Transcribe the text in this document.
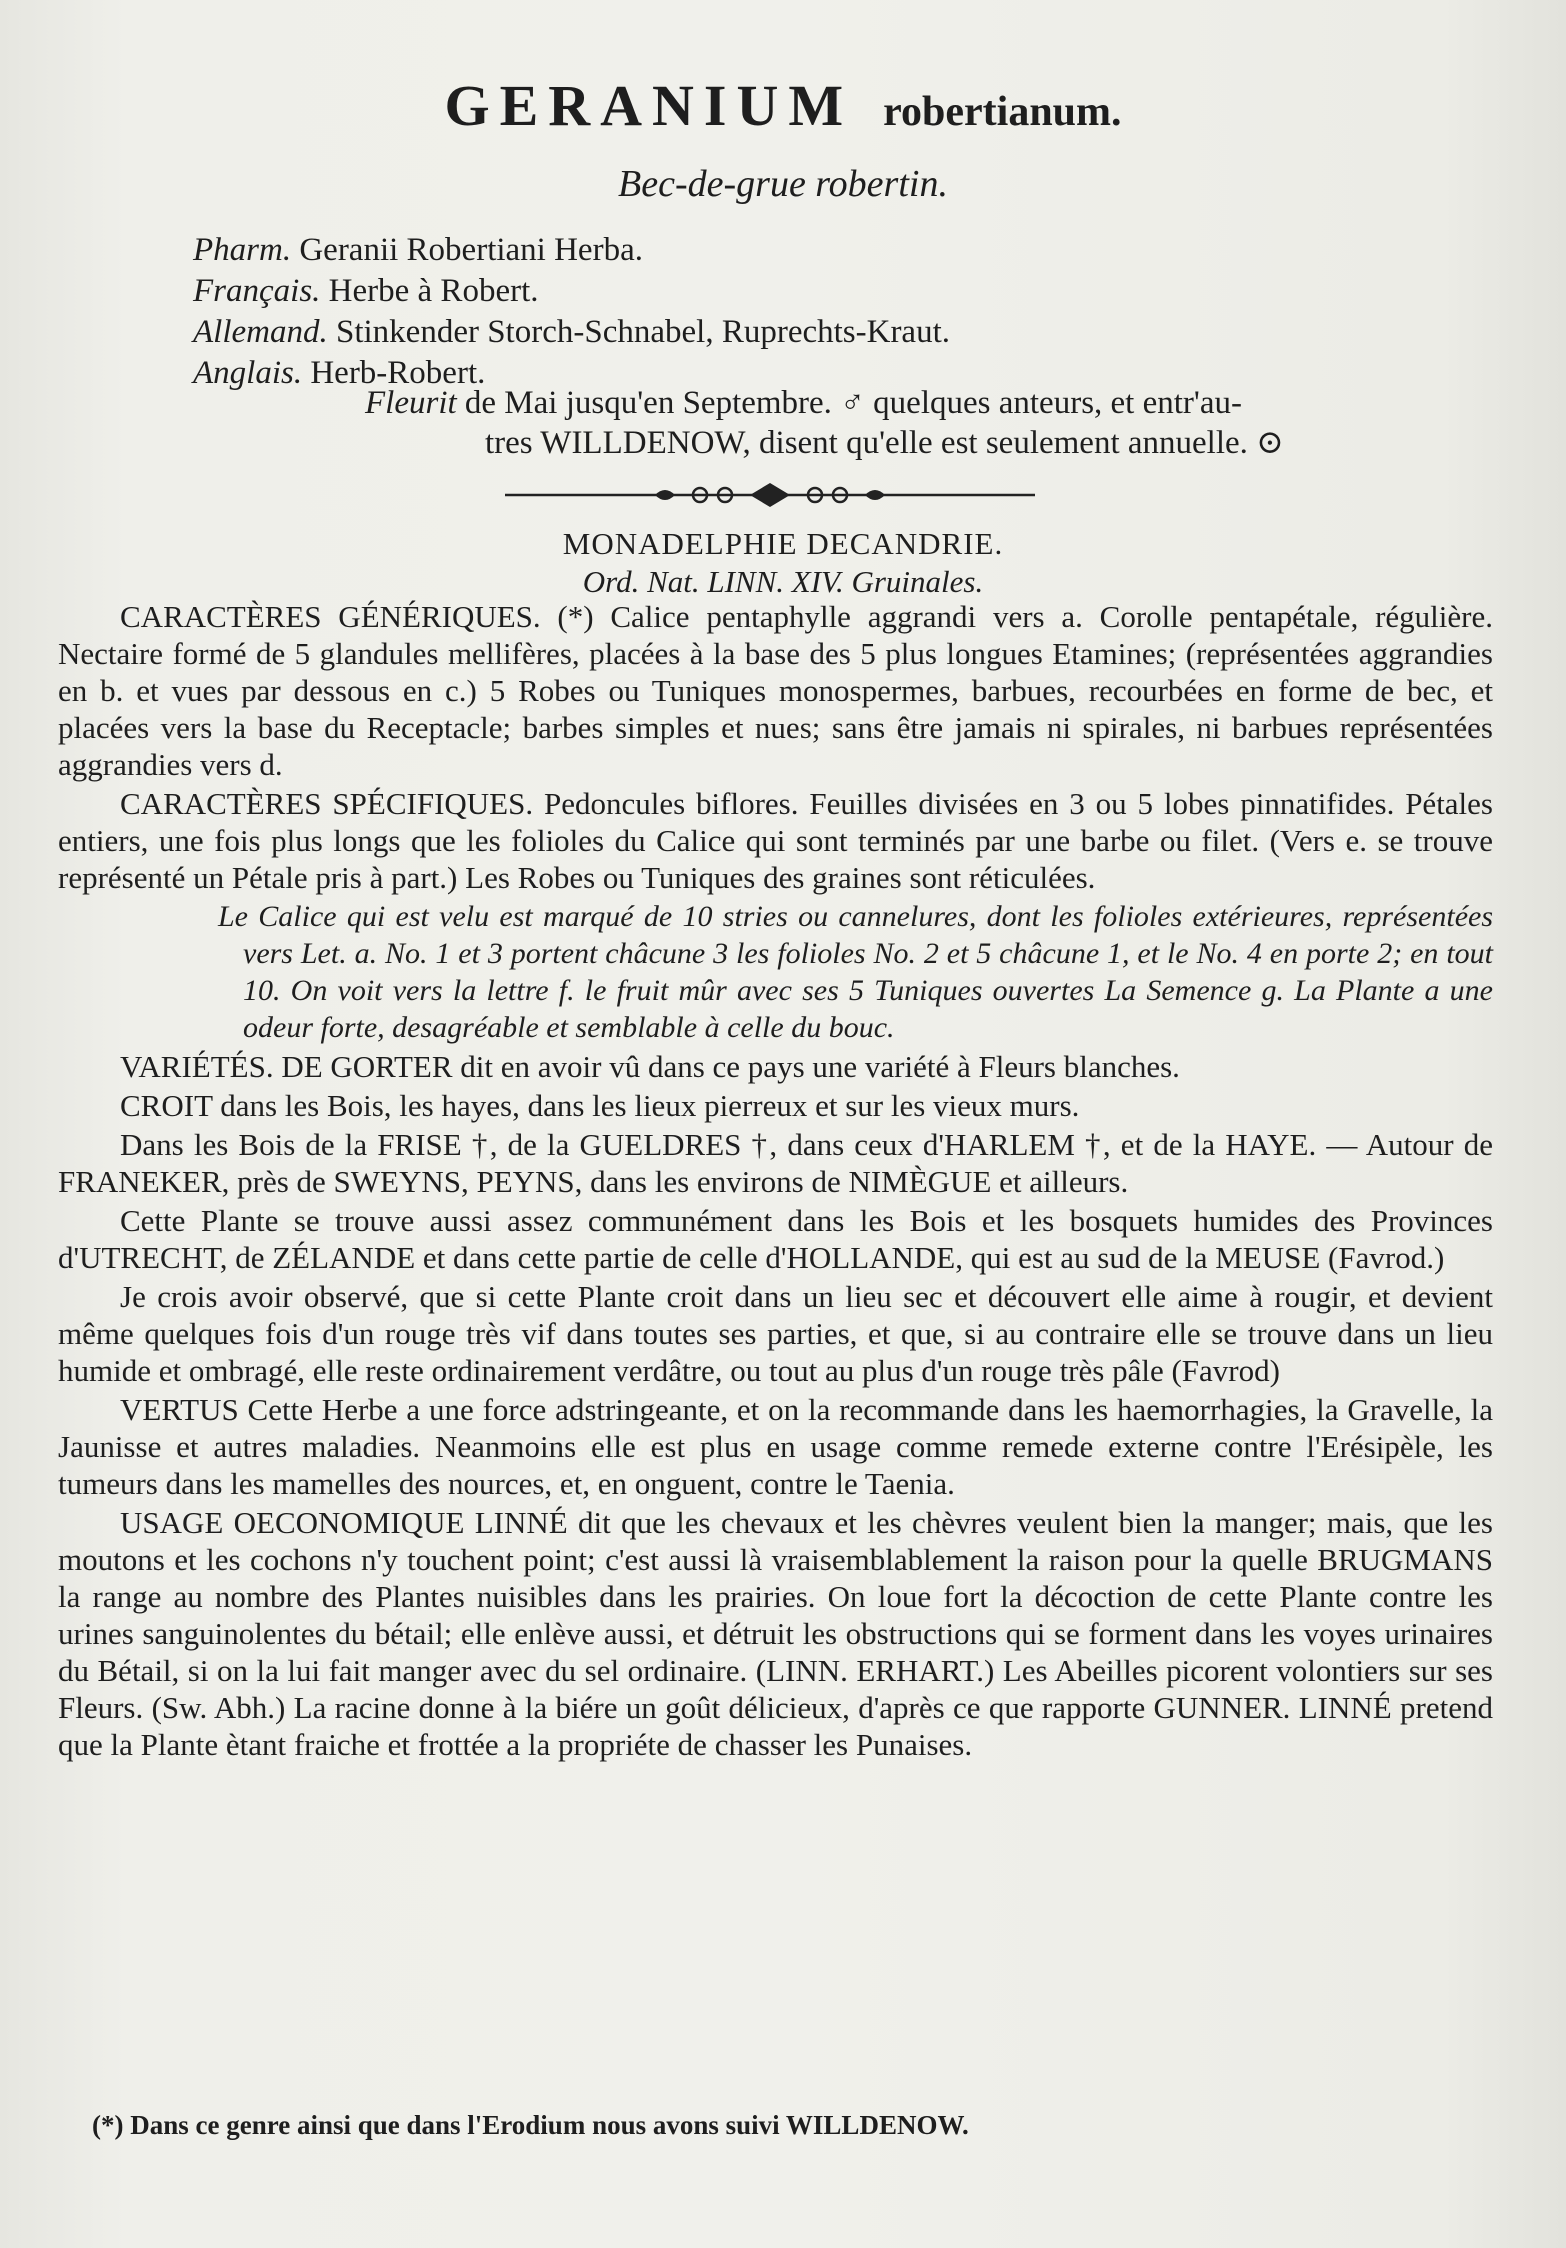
GERANIUM robertianum.
Bec-de-grue robertin.
Pharm. Geranii Robertiani Herba.
Français. Herbe à Robert.
Allemand. Stinkender Storch-Schnabel, Ruprechts-Kraut.
Anglais. Herb-Robert.
Fleurit de Mai jusqu'en Septembre. ♂ quelques anteurs, et entr'au-
tres WILLDENOW, disent qu'elle est seulement annuelle. ⊙
MONADELPHIE DECANDRIE.
Ord. Nat. LINN. XIV. Gruinales.

CARACTÈRES GÉNÉRIQUES. (*) Calice pentaphylle aggrandi vers a. Corolle pentapétale, régulière. Nectaire formé de 5 glandules mellifères, placées à la base des 5 plus longues Etamines; (représentées aggrandies en b. et vues par dessous en c.) 5 Robes ou Tuniques monospermes, barbues, recourbées en forme de bec, et placées vers la base du Receptacle; barbes simples et nues; sans être jamais ni spirales, ni barbues représentées aggrandies vers d.

CARACTÈRES SPÉCIFIQUES. Pedoncules biflores. Feuilles divisées en 3 ou 5 lobes pinnatifides. Pétales entiers, une fois plus longs que les folioles du Calice qui sont terminés par une barbe ou filet. (Vers e. se trouve représenté un Pétale pris à part.) Les Robes ou Tuniques des graines sont réticulées.

Le Calice qui est velu est marqué de 10 stries ou cannelures, dont les folioles extérieures, représentées vers Let. a. No. 1 et 3 portent châcune 3 les folioles No. 2 et 5 châcune 1, et le No. 4 en porte 2; en tout 10. On voit vers la lettre f. le fruit mûr avec ses 5 Tuniques ouvertes La Semence g. La Plante a une odeur forte, desagréable et semblable à celle du bouc.

VARIÉTÉS. DE GORTER dit en avoir vû dans ce pays une variété à Fleurs blanches.

CROIT dans les Bois, les hayes, dans les lieux pierreux et sur les vieux murs.

Dans les Bois de la FRISE †, de la GUELDRES †, dans ceux d'HARLEM †, et de la HAYE. — Autour de FRANEKER, près de SWEYNS, PEYNS, dans les environs de NIMÈGUE et ailleurs.

Cette Plante se trouve aussi assez communément dans les Bois et les bosquets humides des Provinces d'UTRECHT, de ZÉLANDE et dans cette partie de celle d'HOLLANDE, qui est au sud de la MEUSE (Favrod.)

Je crois avoir observé, que si cette Plante croit dans un lieu sec et découvert elle aime à rougir, et devient même quelques fois d'un rouge très vif dans toutes ses parties, et que, si au contraire elle se trouve dans un lieu humide et ombragé, elle reste ordinairement verdâtre, ou tout au plus d'un rouge très pâle (Favrod)

VERTUS Cette Herbe a une force adstringeante, et on la recommande dans les haemorrhagies, la Gravelle, la Jaunisse et autres maladies. Neanmoins elle est plus en usage comme remede externe contre l'Erésipèle, les tumeurs dans les mamelles des nources, et, en onguent, contre le Taenia.

USAGE OECONOMIQUE LINNÉ dit que les chevaux et les chèvres veulent bien la manger; mais, que les moutons et les cochons n'y touchent point; c'est aussi là vraisemblablement la raison pour la quelle BRUGMANS la range au nombre des Plantes nuisibles dans les prairies. On loue fort la décoction de cette Plante contre les urines sanguinolentes du bétail; elle enlève aussi, et détruit les obstructions qui se forment dans les voyes urinaires du Bétail, si on la lui fait manger avec du sel ordinaire. (LINN. ERHART.) Les Abeilles picorent volontiers sur ses Fleurs. (Sw. Abh.) La racine donne à la biére un goût délicieux, d'après ce que rapporte GUNNER. LINNÉ pretend que la Plante ètant fraiche et frottée a la propriéte de chasser les Punaises.

(*) Dans ce genre ainsi que dans l'Erodium nous avons suivi WILLDENOW.
